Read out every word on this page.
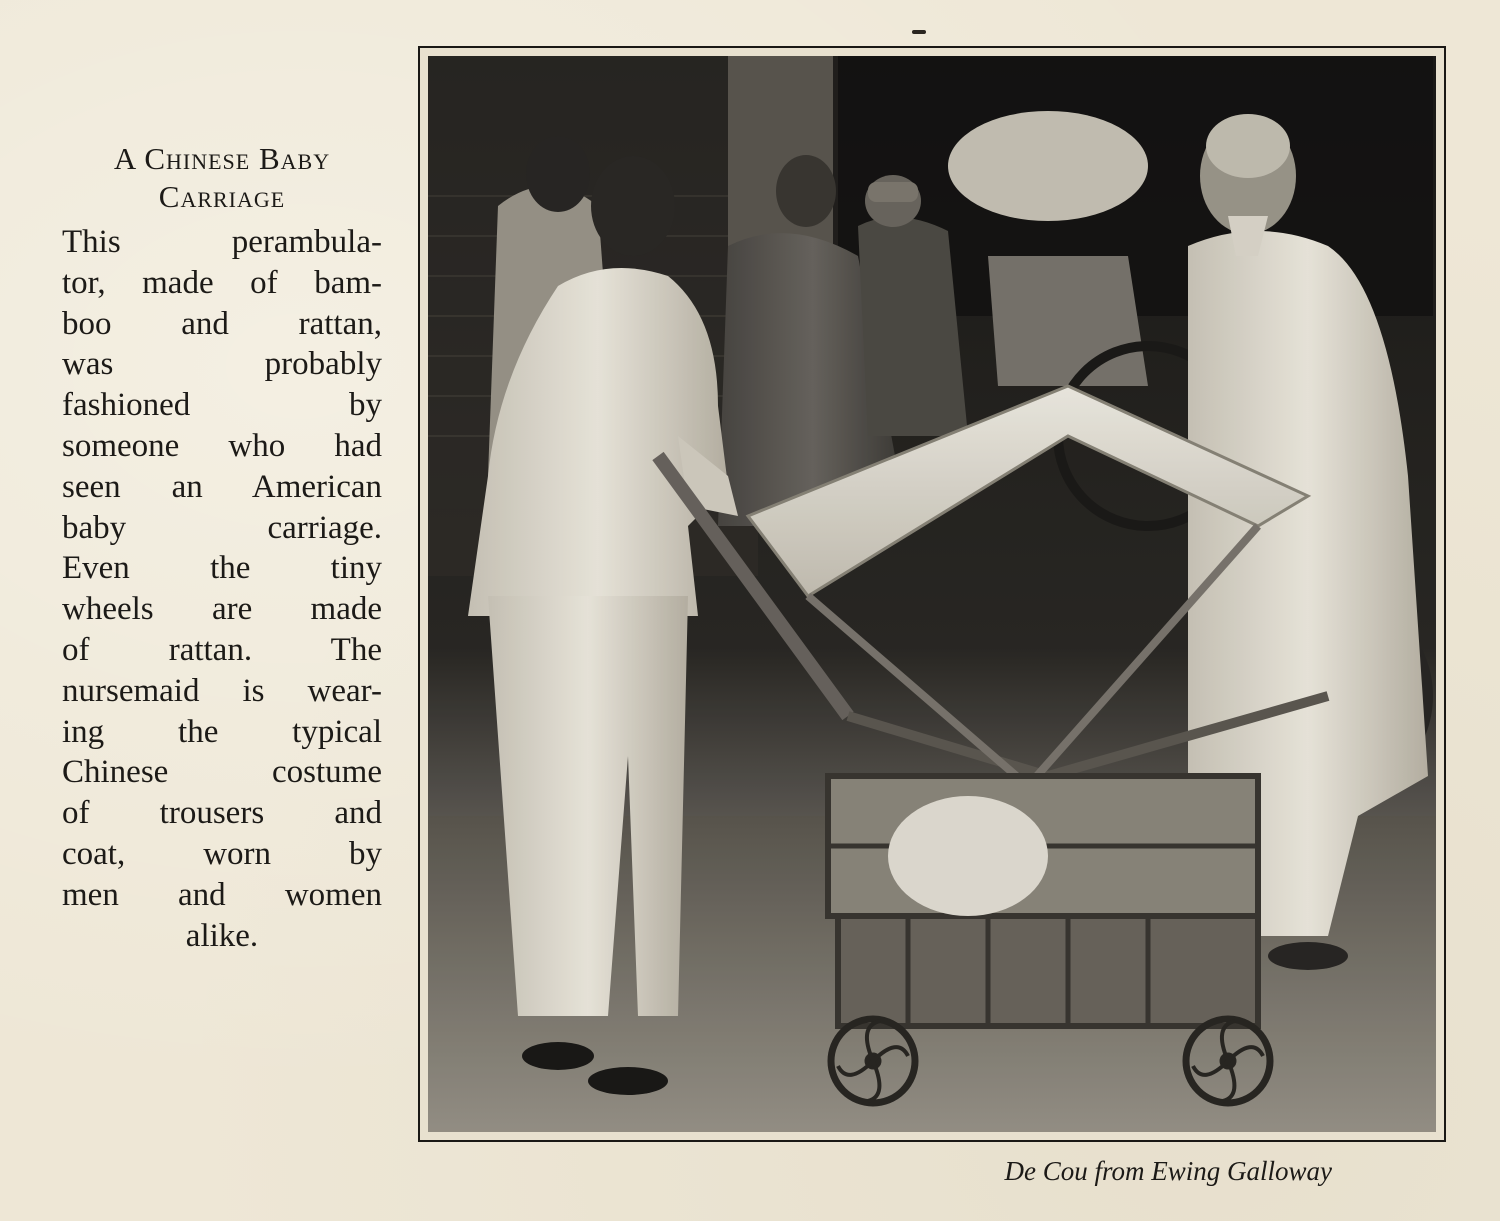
A Chinese Baby
Carriage
This perambula-
tor, made of bam-
boo and rattan,
was probably
fashioned by
someone who had
seen an American
baby carriage.
Even the tiny
wheels are made
of rattan. The
nursemaid is wear-
ing the typical
Chinese costume
of trousers and
coat, worn by
men and women
alike.
De Cou from Ewing Galloway
